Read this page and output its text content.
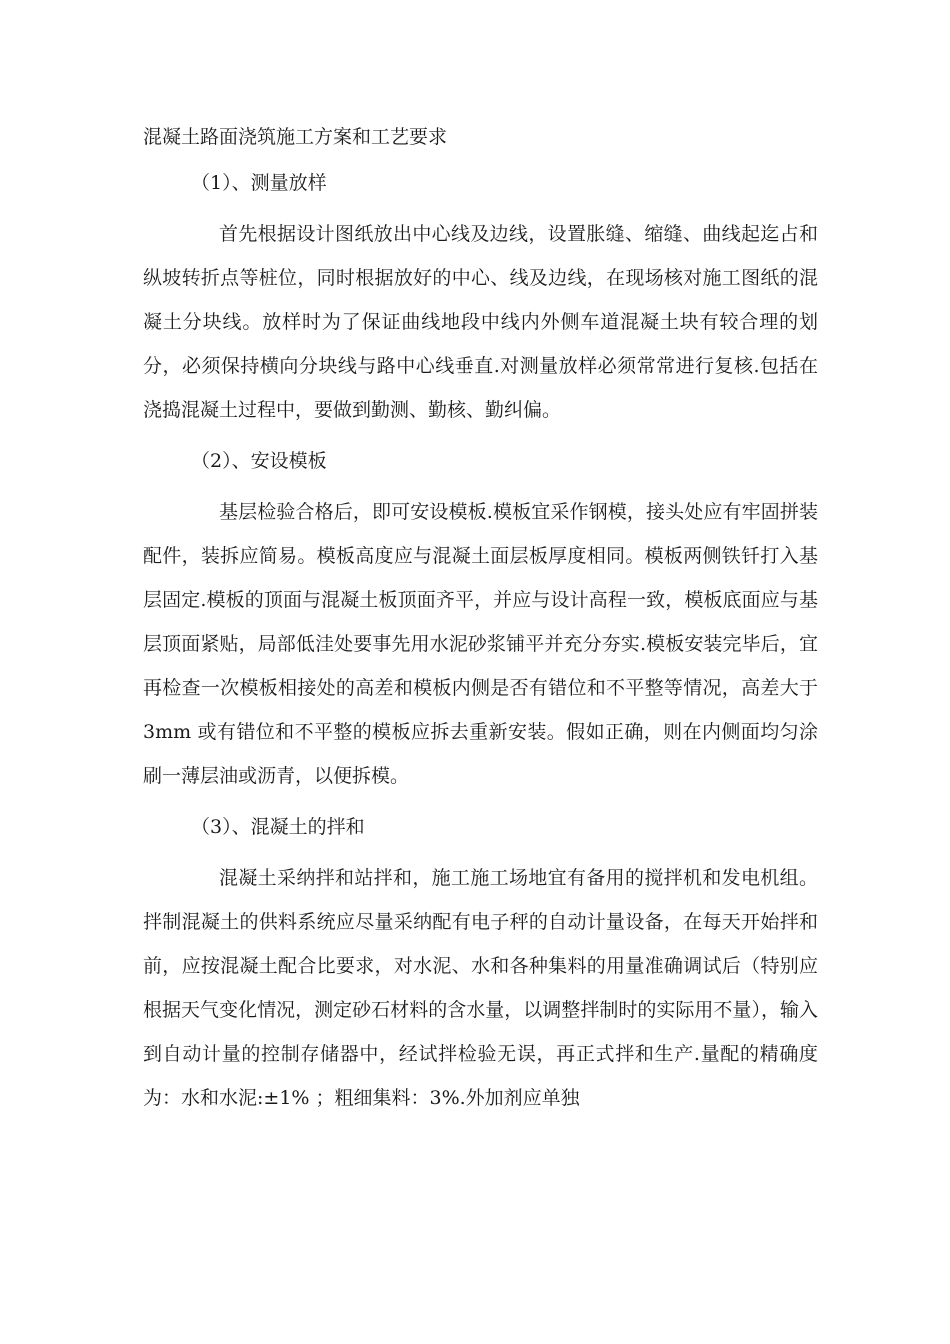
混凝土路面浇筑施工方案和工艺要求

（1）、测量放样

首先根据设计图纸放出中心线及边线，设置胀缝、缩缝、曲线起迄占和纵坡转折点等桩位，同时根据放好的中心、线及边线，在现场核对施工图纸的混凝土分块线。放样时为了保证曲线地段中线内外侧车道混凝土块有较合理的划分，必须保持横向分块线与路中心线垂直.对测量放样必须常常进行复核.包括在浇捣混凝土过程中，要做到勤测、勤核、勤纠偏。

（2）、安设模板

基层检验合格后，即可安设模板.模板宜采作钢模，接头处应有牢固拼装配件，装拆应简易。模板高度应与混凝土面层板厚度相同。模板两侧铁钎打入基层固定.模板的顶面与混凝土板顶面齐平，并应与设计高程一致，模板底面应与基层顶面紧贴，局部低洼处要事先用水泥砂浆铺平并充分夯实.模板安装完毕后，宜再检查一次模板相接处的高差和模板内侧是否有错位和不平整等情况，高差大于 3mm 或有错位和不平整的模板应拆去重新安装。假如正确，则在内侧面均匀涂刷一薄层油或沥青，以便拆模。

（3）、混凝土的拌和

混凝土采纳拌和站拌和，施工施工场地宜有备用的搅拌机和发电机组。拌制混凝土的供料系统应尽量采纳配有电子秤的自动计量设备，在每天开始拌和前，应按混凝土配合比要求，对水泥、水和各种集料的用量准确调试后（特别应根据天气变化情况，测定砂石材料的含水量，以调整拌制时的实际用不量），输入到自动计量的控制存储器中，经试拌检验无误，再正式拌和生产.量配的精确度为：水和水泥:±1% ；粗细集料：3%.外加剂应单独
